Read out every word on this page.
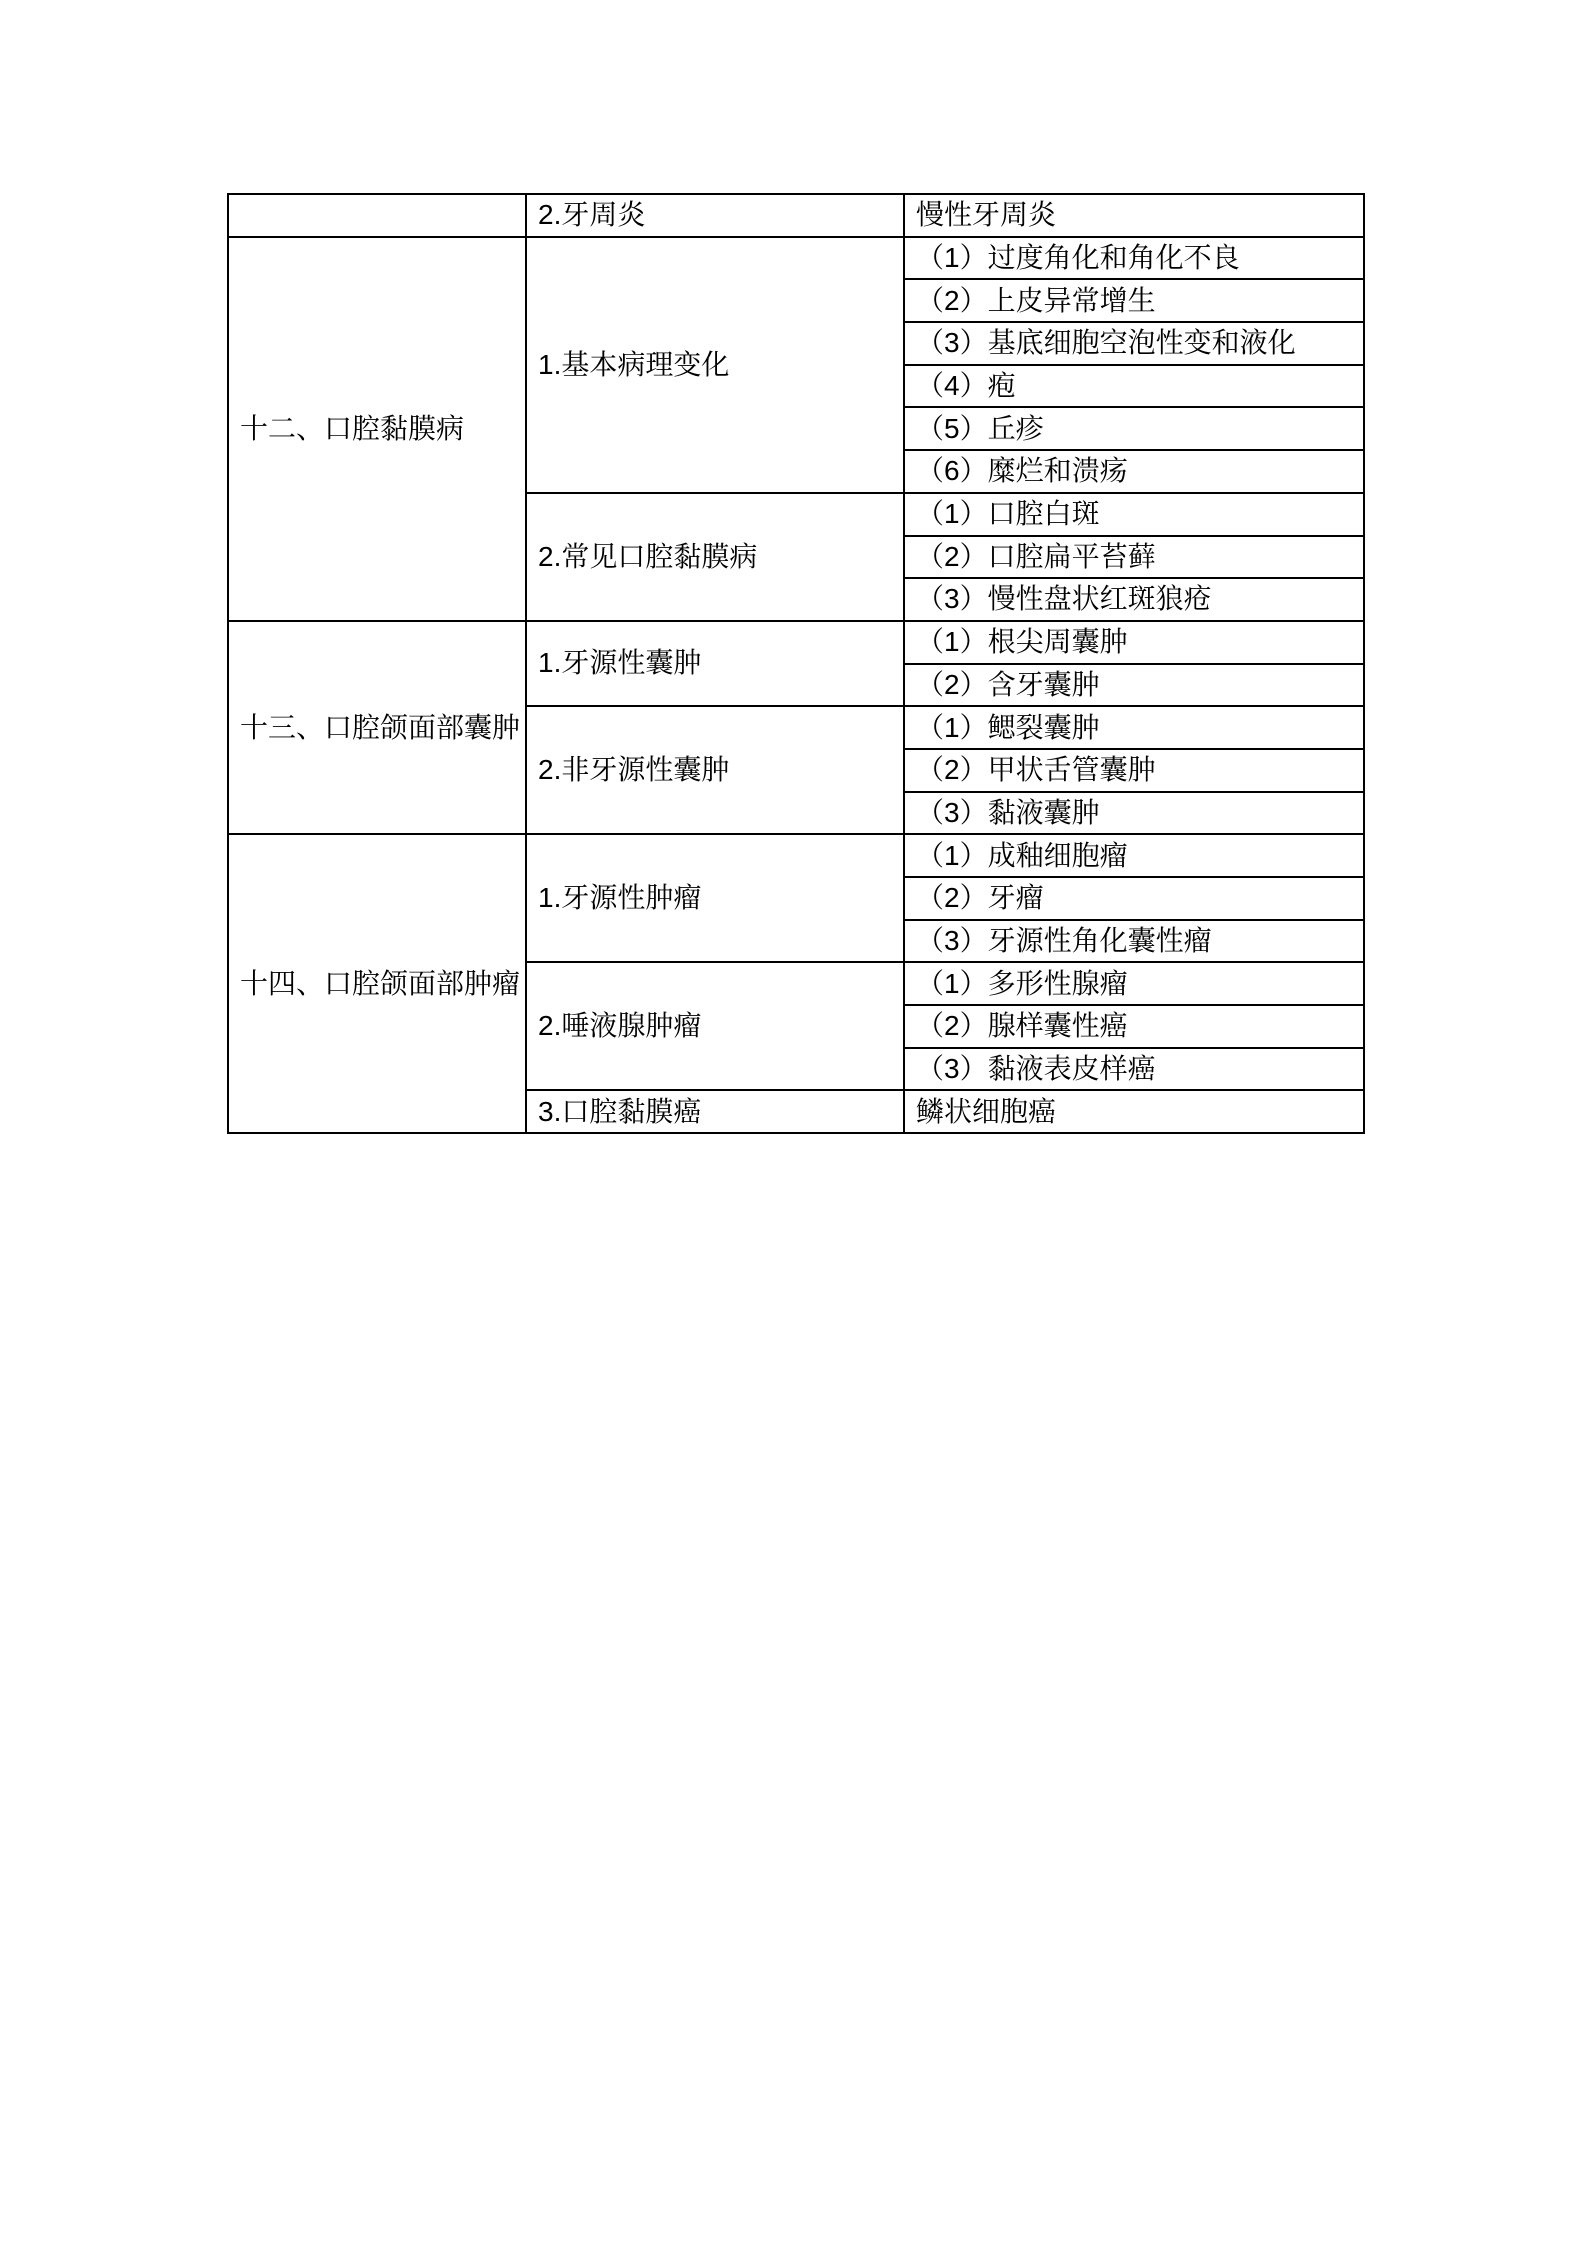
	2.牙周炎	慢性牙周炎
十二、口腔黏膜病	1.基本病理变化	（1）过度角化和角化不良
		（2）上皮异常增生
		（3）基底细胞空泡性变和液化
		（4）疱
		（5）丘疹
		（6）糜烂和溃疡
	2.常见口腔黏膜病	（1）口腔白斑
		（2）口腔扁平苔藓
		（3）慢性盘状红斑狼疮
十三、口腔颌面部囊肿	1.牙源性囊肿	（1）根尖周囊肿
		（2）含牙囊肿
	2.非牙源性囊肿	（1）鳃裂囊肿
		（2）甲状舌管囊肿
		（3）黏液囊肿
十四、口腔颌面部肿瘤	1.牙源性肿瘤	（1）成釉细胞瘤
		（2）牙瘤
		（3）牙源性角化囊性瘤
	2.唾液腺肿瘤	（1）多形性腺瘤
		（2）腺样囊性癌
		（3）黏液表皮样癌
	3.口腔黏膜癌	鳞状细胞癌
